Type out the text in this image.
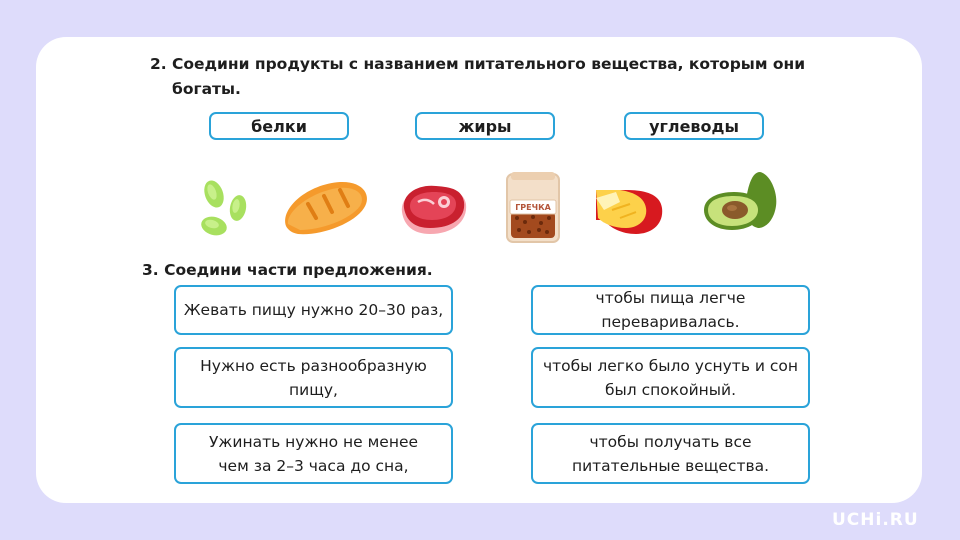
2. Соедини продукты с названием питательного вещества, которым они
богаты.
белки	жиры	углеводы
ГРЕЧКА
3. Соедини части предложения.
Жевать пищу нужно 20–30 раз,
Нужно есть разнообразную
пищу,
Ужинать нужно не менее
чем за 2–3 часа до сна,
чтобы пища легче
переваривалась.
чтобы легко было уснуть и сон
был спокойный.
чтобы получать все
питательные вещества.
UCHi.RU
